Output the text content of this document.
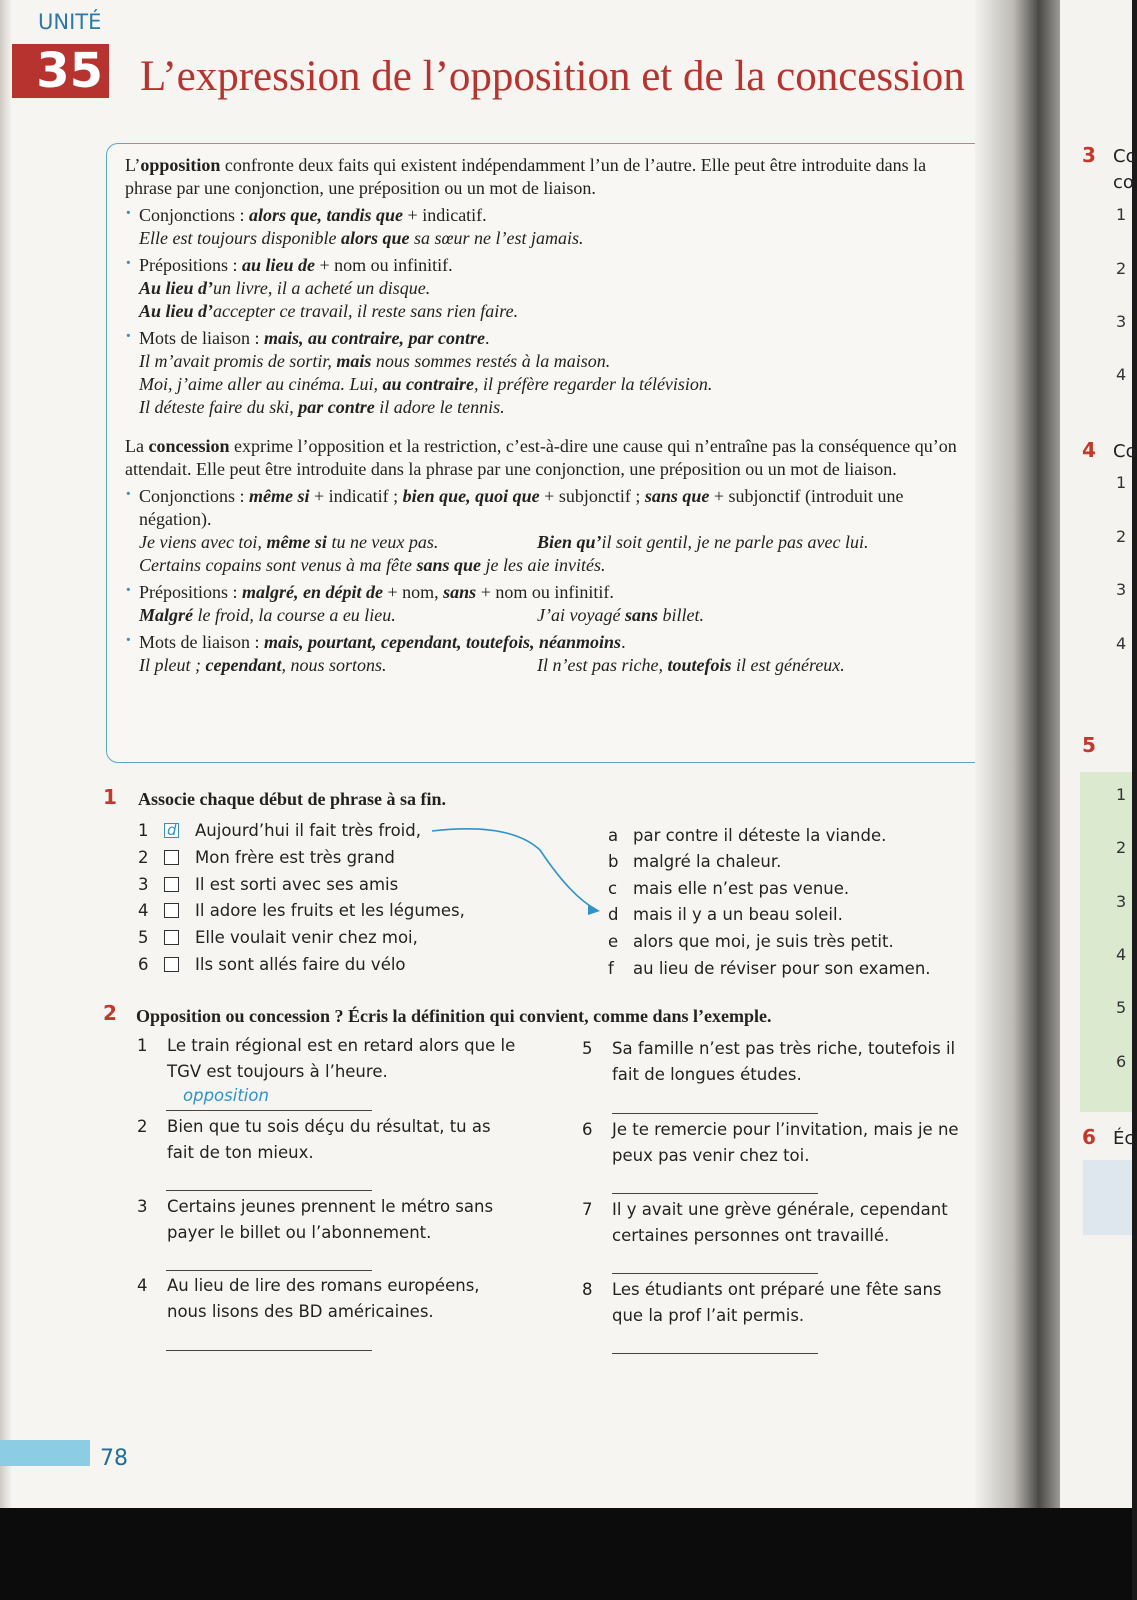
UNITÉ
35 L’expression de l’opposition et de la concession

L’opposition confronte deux faits qui existent indépendamment l’un de l’autre. Elle peut être introduite dans la phrase par une conjonction, une préposition ou un mot de liaison.

· Conjonctions : alors que, tandis que + indicatif.
Elle est toujours disponible alors que sa sœur ne l’est jamais.
· Prépositions : au lieu de + nom ou infinitif.
Au lieu d’un livre, il a acheté un disque.
Au lieu d’accepter ce travail, il reste sans rien faire.
· Mots de liaison : mais, au contraire, par contre.
Il m’avait promis de sortir, mais nous sommes restés à la maison.
Moi, j’aime aller au cinéma. Lui, au contraire, il préfère regarder la télévision.
Il déteste faire du ski, par contre il adore le tennis.

La concession exprime l’opposition et la restriction, c’est-à-dire une cause qui n’entraîne pas la conséquence qu’on attendait. Elle peut être introduite dans la phrase par une conjonction, une préposition ou un mot de liaison.

· Conjonctions : même si + indicatif ; bien que, quoi que + subjonctif ; sans que + subjonctif (introduit une négation).
Je viens avec toi, même si tu ne veux pas.	Bien qu’il soit gentil, je ne parle pas avec lui.
Certains copains sont venus à ma fête sans que je les aie invités.
· Prépositions : malgré, en dépit de + nom, sans + nom ou infinitif.
Malgré le froid, la course a eu lieu.	J’ai voyagé sans billet.
· Mots de liaison : mais, pourtant, cependant, toutefois, néanmoins.
Il pleut ; cependant, nous sortons.	Il n’est pas riche, toutefois il est généreux.
1 Associe chaque début de phrase à sa fin.
1	d Aujourd’hui il fait très froid,
2	Mon frère est très grand
3	Il est sorti avec ses amis
4	Il adore les fruits et les légumes,
5	Elle voulait venir chez moi,
6	Ils sont allés faire du vélo
a par contre il déteste la viande.
b malgré la chaleur.
c mais elle n’est pas venue.
d mais il y a un beau soleil.
e alors que moi, je suis très petit.
f	au lieu de réviser pour son examen.
2 Opposition ou concession ? Écris la définition qui convient, comme dans l’exemple.
1 Le train régional est en retard alors que le TGV est toujours à l’heure.
opposition
2 Bien que tu sois déçu du résultat, tu as fait de ton mieux.
3 Certains jeunes prennent le métro sans payer le billet ou l’abonnement.
4 Au lieu de lire des romans européens, nous lisons des BD américaines.
5 Sa famille n’est pas très riche, toutefois il fait de longues études.
6 Je te remercie pour l’invitation, mais je ne peux pas venir chez toi.
7 Il y avait une grève générale, cependant certaines personnes ont travaillé.
8 Les étudiants ont préparé une fête sans que la prof l’ait permis.
78
3 Co
co
1
2
3
4
4 Co
1
2
3
4
5
1
2
3
4
5
6
6 Éc
